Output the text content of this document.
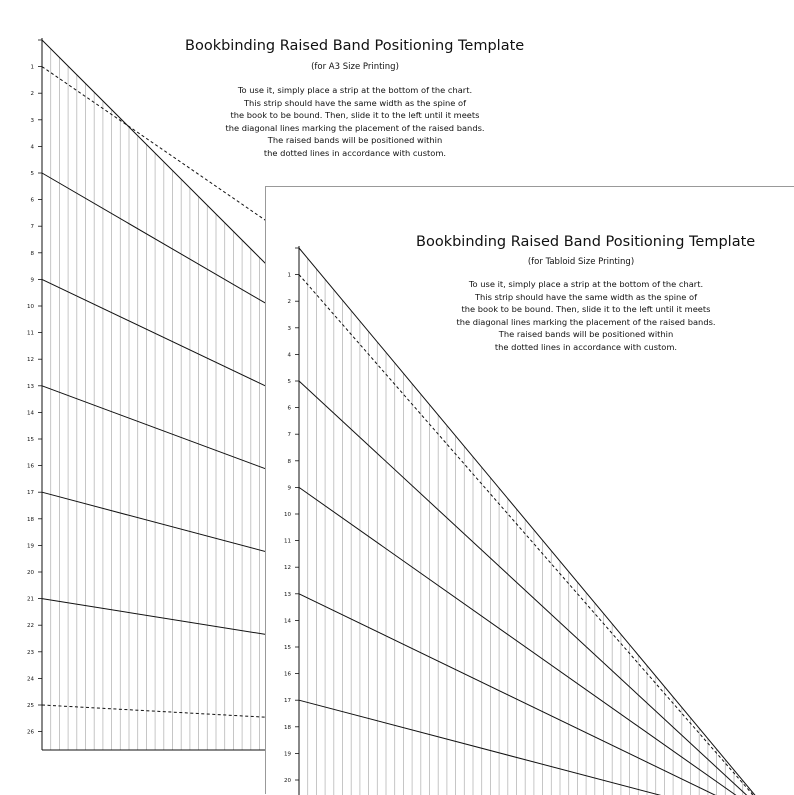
1
2
3
4
5
6
7
8
9
10
11
12
13
14
15
16
17
18
19
20
21
22
23
24
25
26
Bookbinding Raised Band Positioning Template
(for A3 Size Printing)
To use it, simply place a strip at the bottom of the chart.
This strip should have the same width as the spine of
the book to be bound. Then, slide it to the left until it meets
the diagonal lines marking the placement of the raised bands.
The raised bands will be positioned within
the dotted lines in accordance with custom.
1
2
3
4
5
6
7
8
9
10
11
12
13
14
15
16
17
18
19
20
Bookbinding Raised Band Positioning Template
(for Tabloid Size Printing)
To use it, simply place a strip at the bottom of the chart.
This strip should have the same width as the spine of
the book to be bound. Then, slide it to the left until it meets
the diagonal lines marking the placement of the raised bands.
The raised bands will be positioned within
the dotted lines in accordance with custom.
